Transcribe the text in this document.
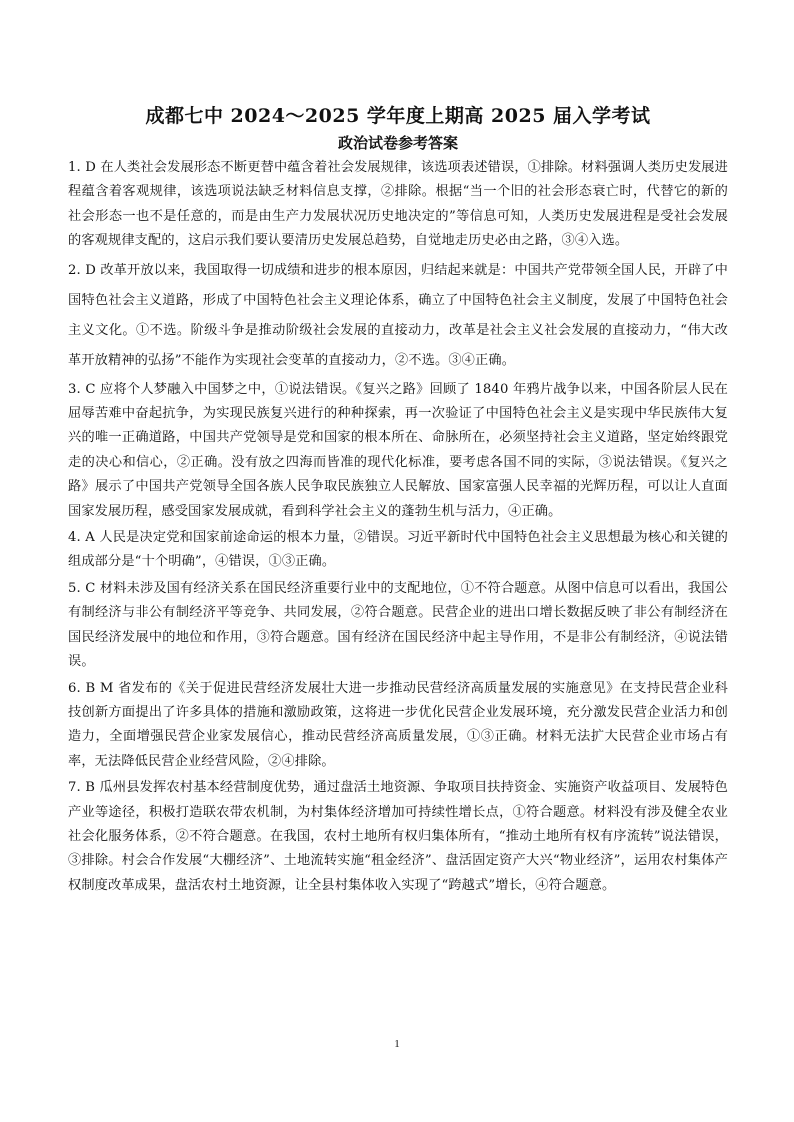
成都七中 2024～2025 学年度上期高 2025 届入学考试
政治试卷参考答案

1. D 在人类社会发展形态不断更替中蕴含着社会发展规律，该选项表述错误，①排除。材料强调人类历史发展进程蕴含着客观规律，该选项说法缺乏材料信息支撑，②排除。根据“当一个旧的社会形态衰亡时，代替它的新的社会形态一也不是任意的，而是由生产力发展状况历史地决定的”等信息可知，人类历史发展进程是受社会发展的客观规律支配的，这启示我们要认要清历史发展总趋势，自觉地走历史必由之路，③④入选。

2. D 改革开放以来，我国取得一切成绩和进步的根本原因，归结起来就是：中国共产党带领全国人民，开辟了中国特色社会主义道路，形成了中国特色社会主义理论体系，确立了中国特色社会主义制度，发展了中国特色社会主义文化。①不选。阶级斗争是推动阶级社会发展的直接动力，改革是社会主义社会发展的直接动力，“伟大改革开放精神的弘扬”不能作为实现社会变革的直接动力，②不选。③④正确。

3. C 应将个人梦融入中国梦之中，①说法错误。《复兴之路》回顾了 1840 年鸦片战争以来，中国各阶层人民在屈辱苦难中奋起抗争，为实现民族复兴进行的种种探索，再一次验证了中国特色社会主义是实现中华民族伟大复兴的唯一正确道路，中国共产党领导是党和国家的根本所在、命脉所在，必须坚持社会主义道路，坚定始终跟党走的决心和信心，②正确。没有放之四海而皆准的现代化标准，要考虑各国不同的实际，③说法错误。《复兴之路》展示了中国共产党领导全国各族人民争取民族独立人民解放、国家富强人民幸福的光辉历程，可以让人直面国家发展历程，感受国家发展成就，看到科学社会主义的蓬勃生机与活力，④正确。

4. A 人民是决定党和国家前途命运的根本力量，②错误。习近平新时代中国特色社会主义思想最为核心和关键的组成部分是“十个明确”，④错误，①③正确。

5. C 材料未涉及国有经济关系在国民经济重要行业中的支配地位，①不符合题意。从图中信息可以看出，我国公有制经济与非公有制经济平等竞争、共同发展，②符合题意。民营企业的进出口增长数据反映了非公有制经济在国民经济发展中的地位和作用，③符合题意。国有经济在国民经济中起主导作用，不是非公有制经济，④说法错误。

6. B M 省发布的《关于促进民营经济发展壮大进一步推动民营经济高质量发展的实施意见》在支持民营企业科技创新方面提出了许多具体的措施和激励政策，这将进一步优化民营企业发展环境，充分激发民营企业活力和创造力，全面增强民营企业家发展信心，推动民营经济高质量发展，①③正确。材料无法扩大民营企业市场占有率，无法降低民营企业经营风险，②④排除。

7. B 瓜州县发挥农村基本经营制度优势，通过盘活土地资源、争取项目扶持资金、实施资产收益项目、发展特色产业等途径，积极打造联农带农机制，为村集体经济增加可持续性增长点，①符合题意。材料没有涉及健全农业社会化服务体系，②不符合题意。在我国，农村土地所有权归集体所有，“推动土地所有权有序流转”说法错误，③排除。村会合作发展“大棚经济”、土地流转实施“租金经济”、盘活固定资产大兴“物业经济”，运用农村集体产权制度改革成果，盘活农村土地资源，让全县村集体收入实现了“跨越式”增长，④符合题意。

1
